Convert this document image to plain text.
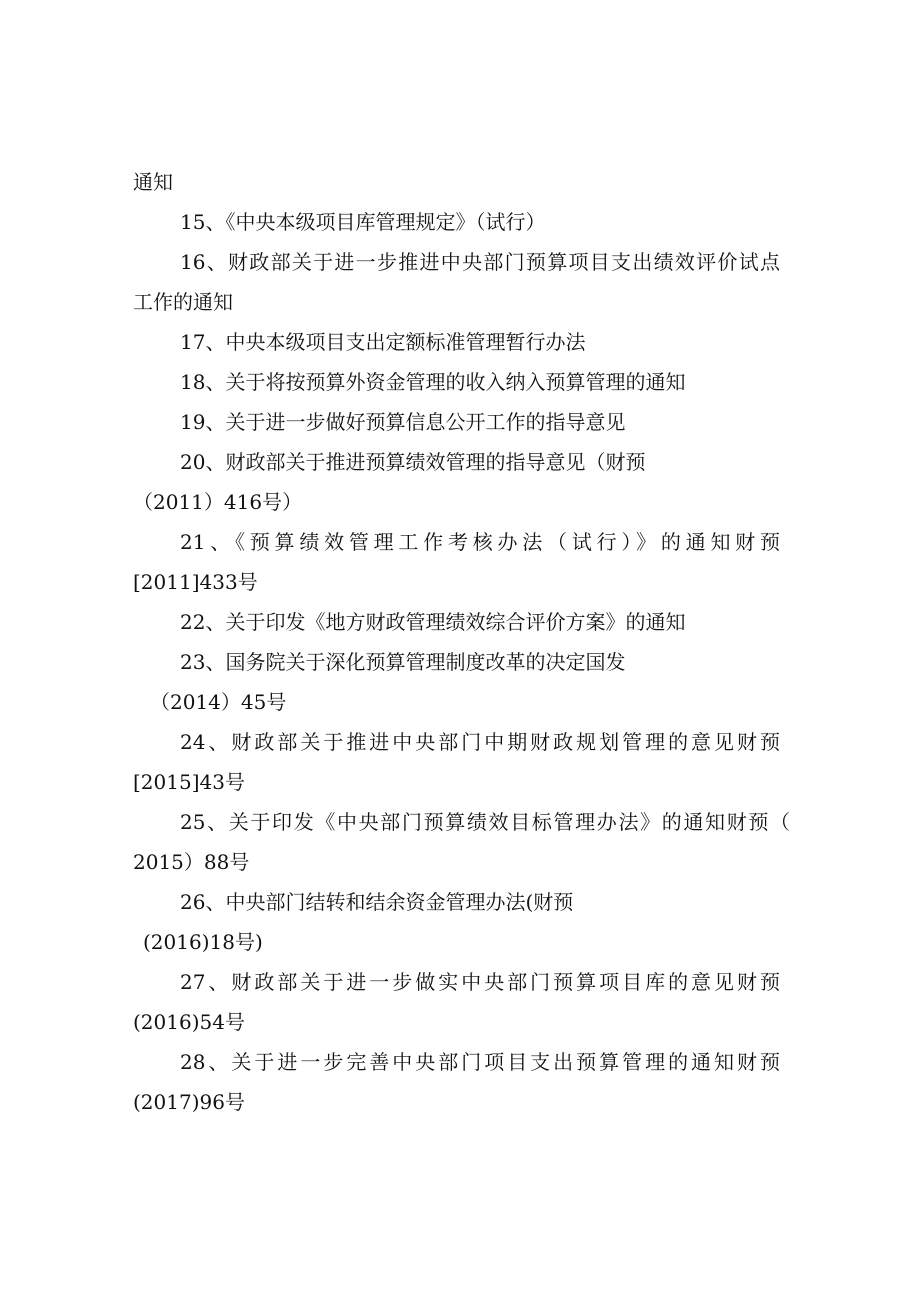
通知
15、《中央本级项目库管理规定》（试行）
16、财政部关于进一步推进中央部门预算项目支出绩效评价试点
工作的通知
17、中央本级项目支出定额标准管理暂行办法
18、关于将按预算外资金管理的收入纳入预算管理的通知
19、关于进一步做好预算信息公开工作的指导意见
20、财政部关于推进预算绩效管理的指导意见（财预
（2011）416号）
21、《预算绩效管理工作考核办法（试行）》的通知财预
[2011]433号
22、关于印发《地方财政管理绩效综合评价方案》的通知
23、国务院关于深化预算管理制度改革的决定国发
（2014）45号
24、财政部关于推进中央部门中期财政规划管理的意见财预
[2015]43号
25、关于印发《中央部门预算绩效目标管理办法》的通知财预（
2015）88号
26、中央部门结转和结余资金管理办法(财预
(2016)18号)
27、财政部关于进一步做实中央部门预算项目库的意见财预
(2016)54号
28、关于进一步完善中央部门项目支出预算管理的通知财预
(2017)96号
